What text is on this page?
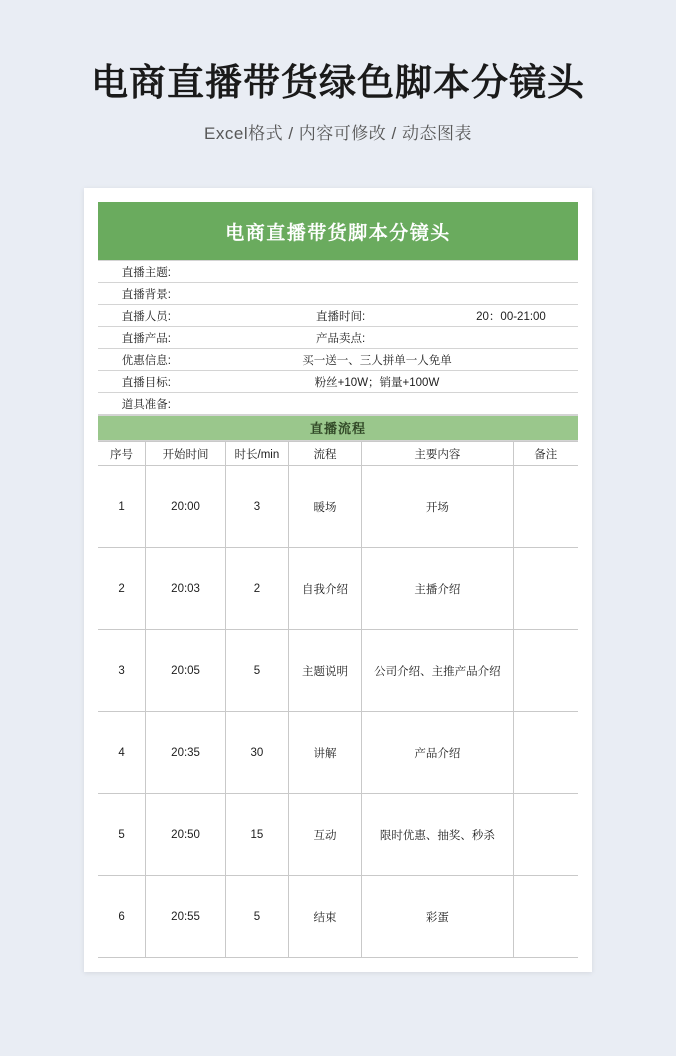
电商直播带货绿色脚本分镜头
Excel格式 / 内容可修改 / 动态图表
电商直播带货脚本分镜头
直播主题:			
直播背景:			
直播人员:		直播时间:	20：00-21:00
直播产品:		产品卖点:	
优惠信息:	买一送一、三人拼单一人免单		
直播目标:	粉丝+10W；销量+100W		
道具准备:			
直播流程
序号	开始时间	时长/min	流程	主要内容	备注
1	20:00	3	暖场	开场	
2	20:03	2	自我介绍	主播介绍	
3	20:05	5	主题说明	公司介绍、主推产品介绍	
4	20:35	30	讲解	产品介绍	
5	20:50	15	互动	限时优惠、抽奖、秒杀	
6	20:55	5	结束	彩蛋	
